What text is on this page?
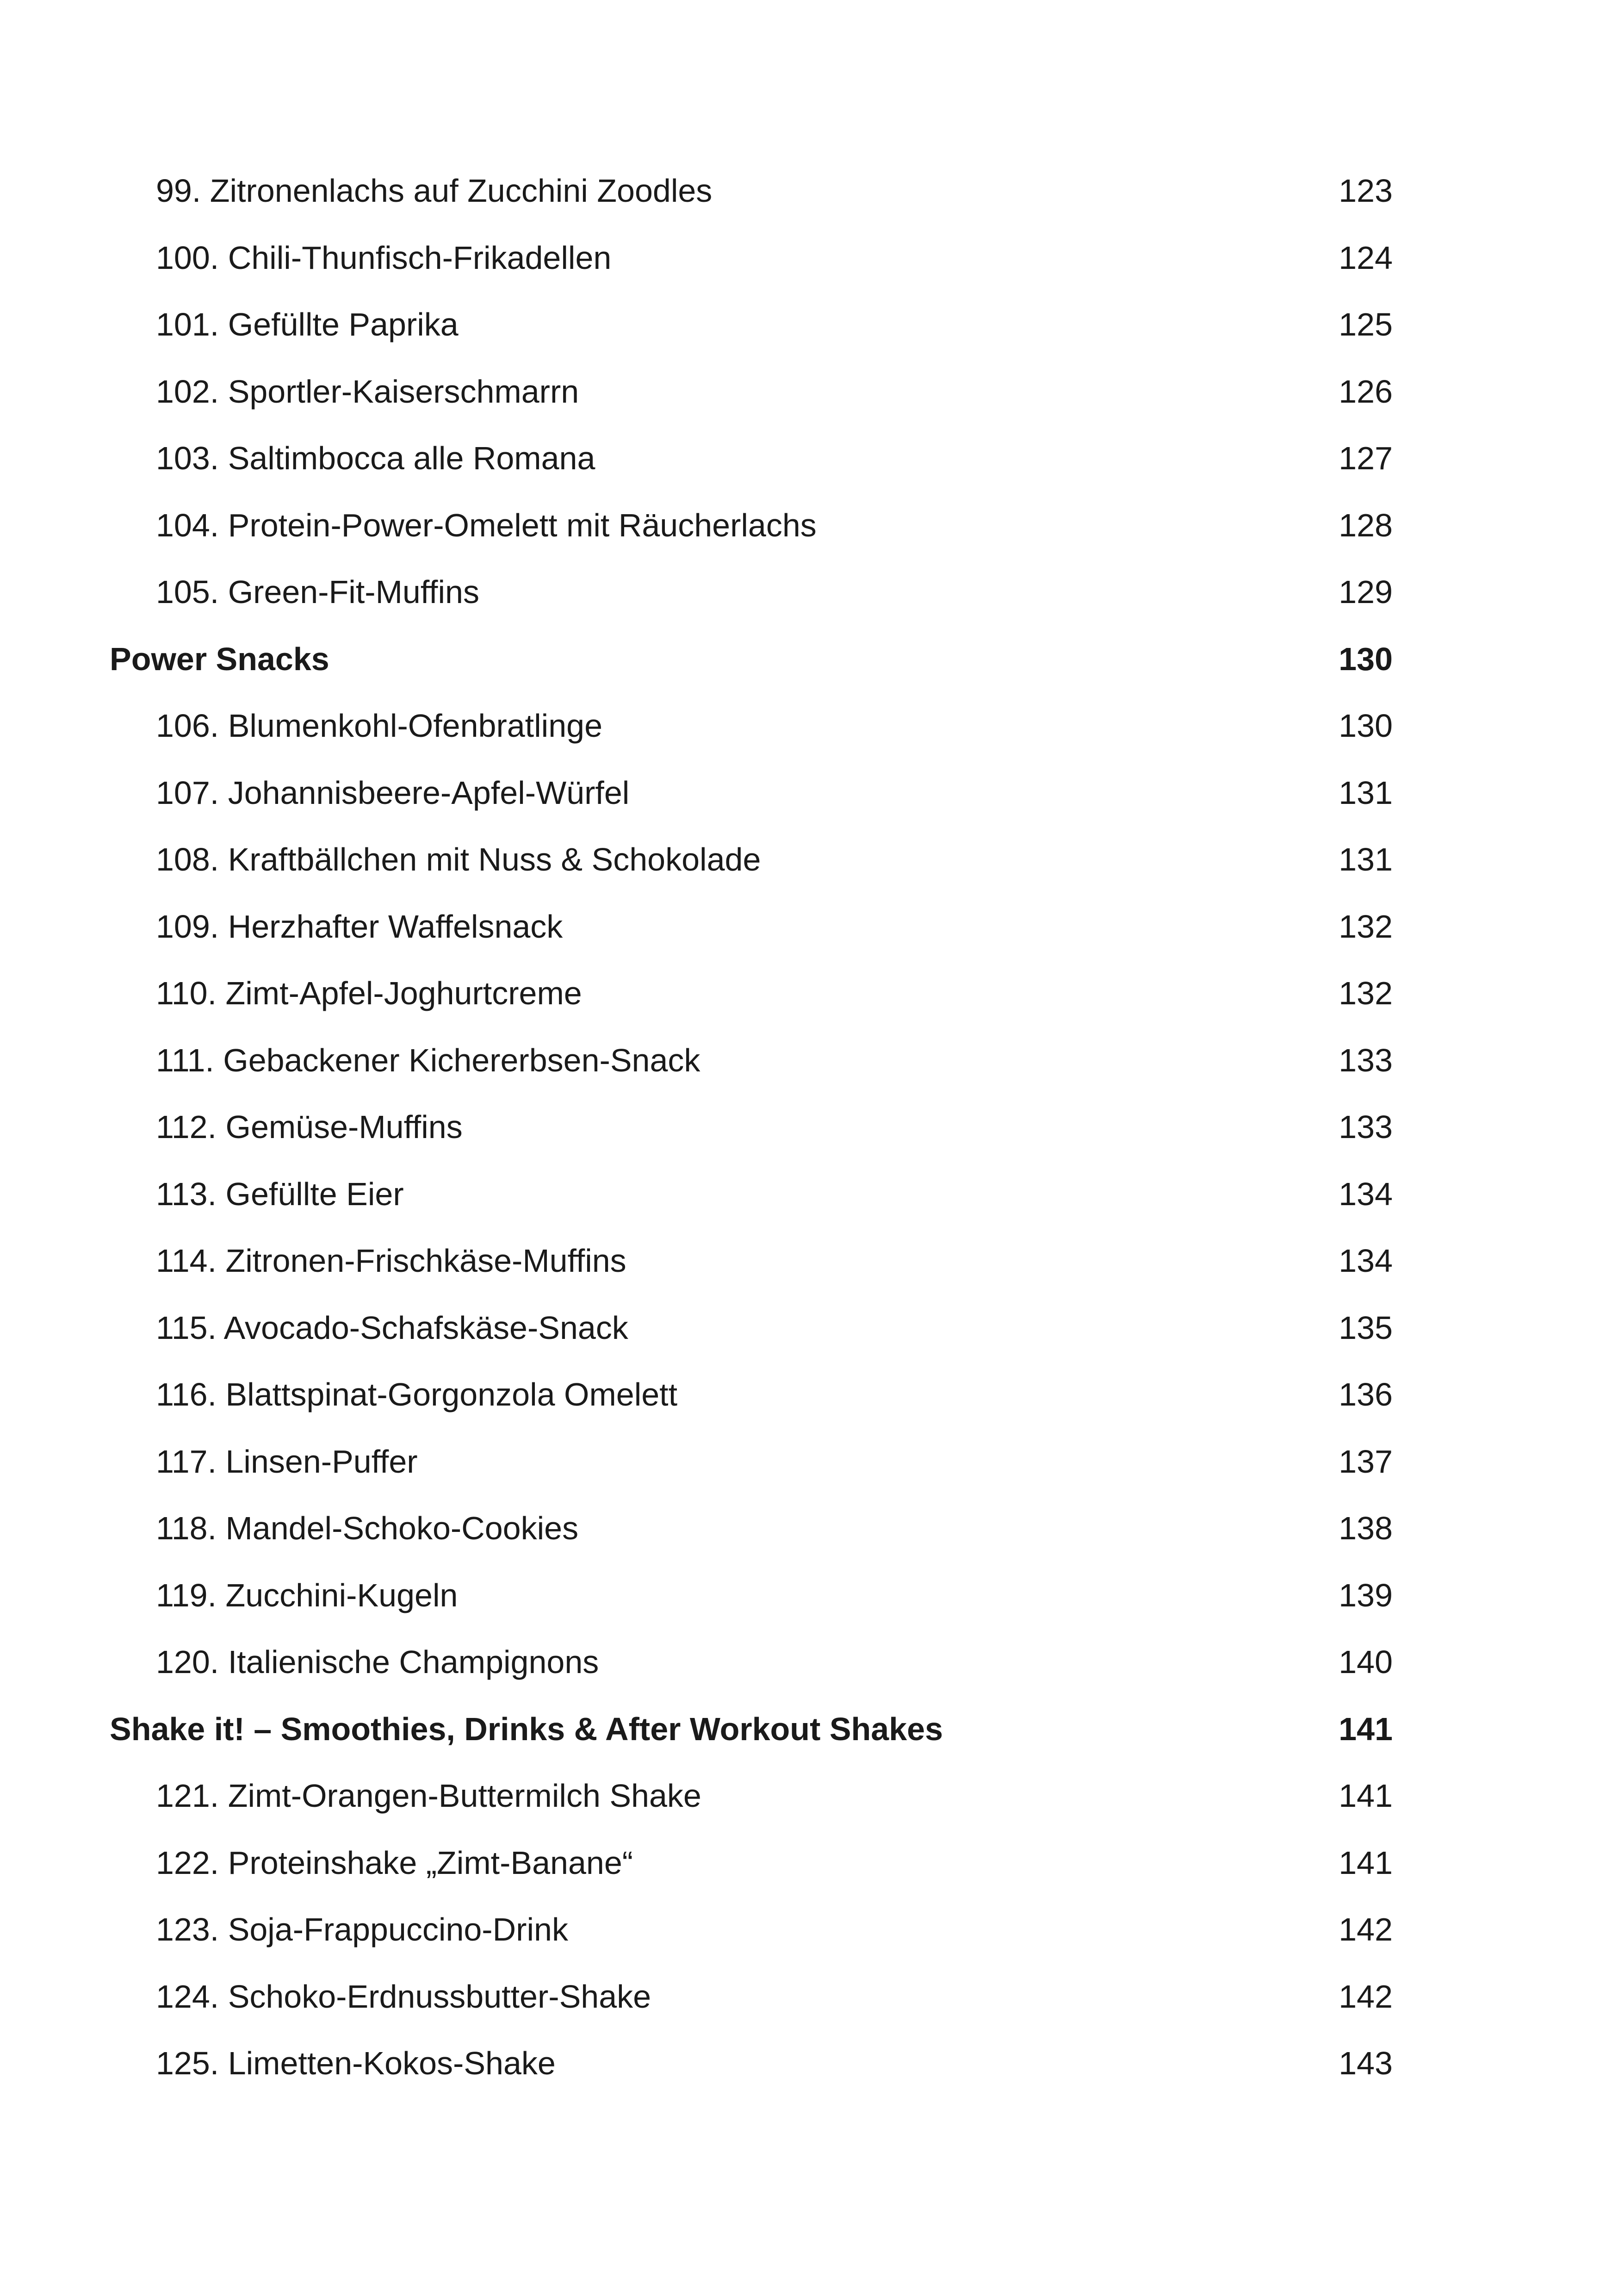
99. Zitronenlachs auf Zucchini Zoodles	123
100. Chili-Thunfisch-Frikadellen	124
101. Gefüllte Paprika	125
102. Sportler-Kaiserschmarrn	126
103. Saltimbocca alle Romana	127
104. Protein-Power-Omelett mit Räucherlachs	128
105. Green-Fit-Muffins	129
Power Snacks	130
106. Blumenkohl-Ofenbratlinge	130
107. Johannisbeere-Apfel-Würfel	131
108. Kraftbällchen mit Nuss & Schokolade	131
109. Herzhafter Waffelsnack	132
110. Zimt-Apfel-Joghurtcreme	132
111. Gebackener Kichererbsen-Snack	133
112. Gemüse-Muffins	133
113. Gefüllte Eier	134
114. Zitronen-Frischkäse-Muffins	134
115. Avocado-Schafskäse-Snack	135
116. Blattspinat-Gorgonzola Omelett	136
117. Linsen-Puffer	137
118. Mandel-Schoko-Cookies	138
119. Zucchini-Kugeln	139
120. Italienische Champignons	140
Shake it! – Smoothies, Drinks & After Workout Shakes	141
121. Zimt-Orangen-Buttermilch Shake	141
122. Proteinshake „Zimt-Banane“	141
123. Soja-Frappuccino-Drink	142
124. Schoko-Erdnussbutter-Shake	142
125. Limetten-Kokos-Shake	143
